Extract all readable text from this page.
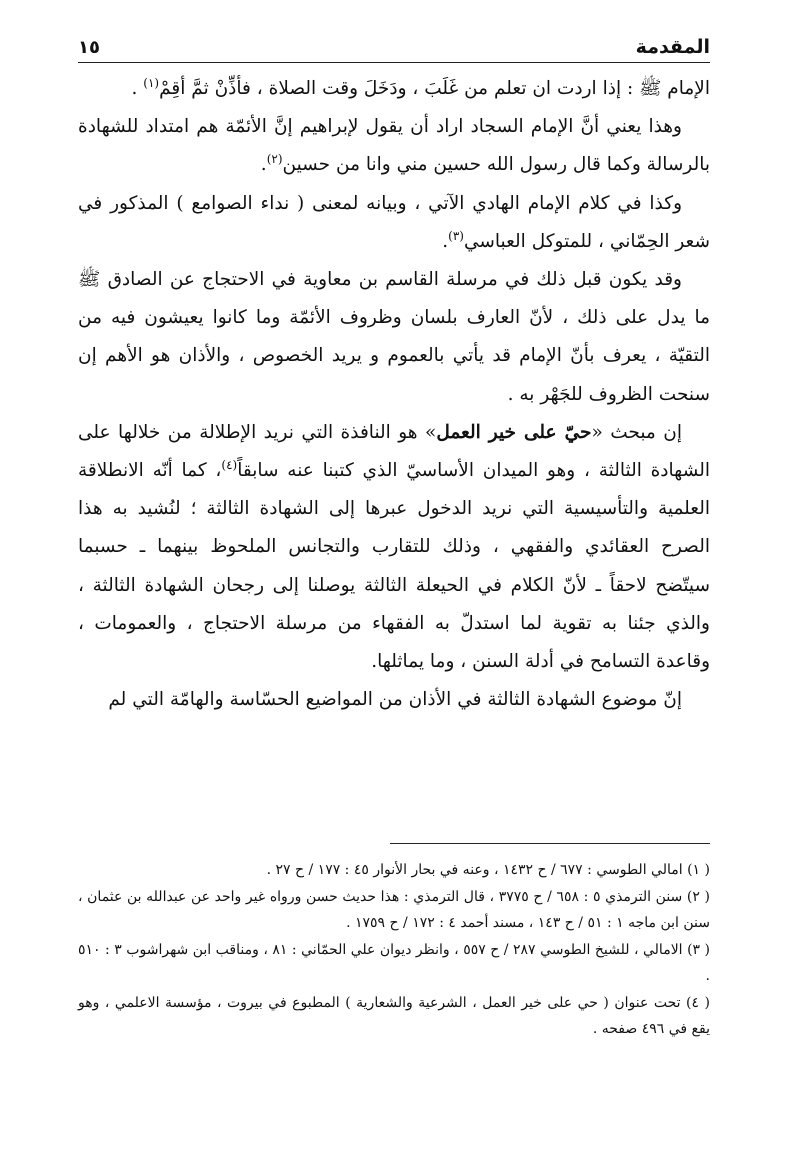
١٥	المقدمة

الإمام ﷺ : إذا اردت ان تعلم من غَلَبَ ، ودَخَلَ وقت الصلاة ، فأذِّنْ ثمَّ أقِمْ$^{(١)}$ .

وهذا يعني أنَّ الإمام السجاد اراد أن يقول لإبراهيم إنَّ الأئمّة هم امتداد للشهادة بالرسالة وكما قال رسول الله حسين مني وانا من حسين$^{(٢)}$.

وكذا في كلام الإمام الهادي الآتي ، وبيانه لمعنى ( نداء الصوامع ) المذكور في شعر الحِمّاني ، للمتوكل العباسي$^{(٣)}$.

وقد يكون قبل ذلك في مرسلة القاسم بن معاوية في الاحتجاج عن الصادق ﷺ ما يدل على ذلك ، لأنّ العارف بلسان وظروف الأئمّة وما كانوا يعيشون فيه من التقيّة ، يعرف بأنّ الإمام قد يأتي بالعموم و يريد الخصوص ، والأذان هو الأهم إن سنحت الظروف للجَهْر به .

إن مبحث «حيّ على خير العمل» هو النافذة التي نريد الإطلالة من خلالها على الشهادة الثالثة ، وهو الميدان الأساسيّ الذي كتبنا عنه سابقاً$^{(٤)}$، كما أنّه الانطلاقة العلمية والتأسيسية التي نريد الدخول عبرها إلى الشهادة الثالثة ؛ لنُشيد به هذا الصرح العقائدي والفقهي ، وذلك للتقارب والتجانس الملحوظ بينهما ـ حسبما سيتّضح لاحقاً ـ لأنّ الكلام في الحيعلة الثالثة يوصلنا إلى رجحان الشهادة الثالثة ، والذي جئنا به تقوية لما استدلّ به الفقهاء من مرسلة الاحتجاج ، والعمومات ، وقاعدة التسامح في أدلة السنن ، وما يماثلها.

إنّ موضوع الشهادة الثالثة في الأذان من المواضيع الحسّاسة والهامّة التي لم

( ١) امالي الطوسي : ٦٧٧ / ح ١٤٣٢ ، وعنه في بحار الأنوار ٤٥ : ١٧٧ / ح ٢٧ .

( ٢) سنن الترمذي ٥ : ٦٥٨ / ح ٣٧٧٥ ، قال الترمذي : هذا حديث حسن ورواه غير واحد عن عبدالله بن عثمان ، سنن ابن ماجه ١ : ٥١ / ح ١٤٣ ، مسند أحمد ٤ : ١٧٢ / ح ١٧٥٩ .

( ٣) الامالي ، للشيخ الطوسي ٢٨٧ / ح ٥٥٧ ، وانظر ديوان علي الحمّاني : ٨١ ، ومناقب ابن شهراشوب ٣ : ٥١٠ .

( ٤) تحت عنوان ( حي على خير العمل ، الشرعية والشعارية ) المطبوع في بيروت ، مؤسسة الاعلمي ، وهو يقع في ٤٩٦ صفحه .
